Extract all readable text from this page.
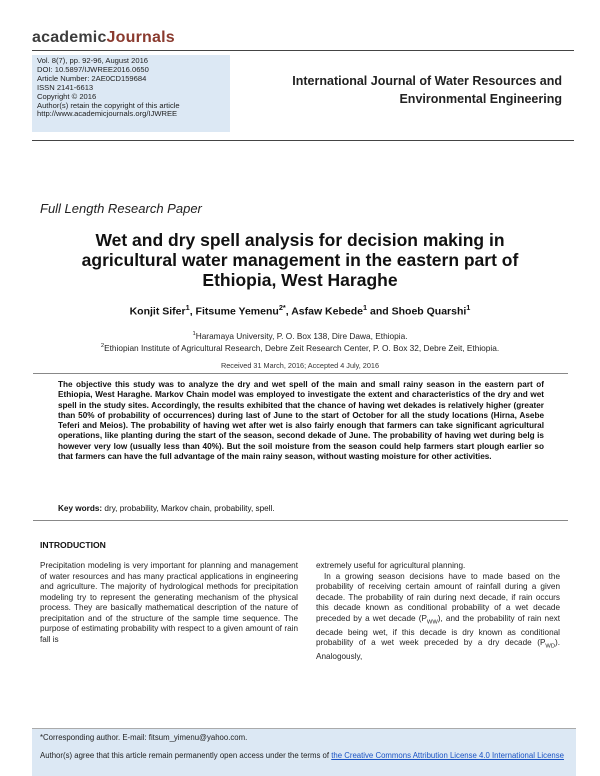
academicJournals
Vol. 8(7), pp. 92-96, August 2016
DOI: 10.5897/IJWREE2016.0650
Article Number: 2AE0CD159684
ISSN 2141-6613
Copyright © 2016
Author(s) retain the copyright of this article
http://www.academicjournals.org/IJWREE
International Journal of Water Resources and
Environmental Engineering
Full Length Research Paper
Wet and dry spell analysis for decision making in agricultural water management in the eastern part of Ethiopia, West Haraghe
Konjit Sifer$^1$, Fitsume Yemenu$^{2*}$, Asfaw Kebede$^1$ and Shoeb Quarshi$^1$
$^1$Haramaya University, P. O. Box 138, Dire Dawa, Ethiopia.
$^2$Ethiopian Institute of Agricultural Research, Debre Zeit Research Center, P. O. Box 32, Debre Zeit, Ethiopia.
Received 31 March, 2016; Accepted 4 July, 2016
The objective this study was to analyze the dry and wet spell of the main and small rainy season in the eastern part of Ethiopia, West Haraghe. Markov Chain model was employed to investigate the extent and characteristics of the dry and wet spell in the study sites. Accordingly, the results exhibited that the chance of having wet dekades is relatively higher (greater than 50% of probability of occurrences) during last of June to the start of October for all the study locations (Hirna, Asebe Teferi and Meios). The probability of having wet after wet is also fairly enough that farmers can take significant agricultural operations, like planting during the start of the season, second dekade of June. The probability of having wet during belg is however very low (usually less than 40%). But the soil moisture from the season could help farmers start plough earlier so that farmers can have the full advantage of the main rainy season, without wasting moisture for other activities.
Key words: dry, probability, Markov chain, probability, spell.
INTRODUCTION
Precipitation modeling is very important for planning and management of water resources and has many practical applications in engineering and agriculture. The majority of hydrological methods for precipitation modeling try to represent the generating mechanism of the physical process. They are basically mathematical description of the nature of precipitation and of the structure of the sample time sequence. The purpose of estimating probability with respect to a given amount of rain fall is
extremely useful for agricultural planning.
In a growing season decisions have to made based on the probability of receiving certain amount of rainfall during a given decade. The probability of rain during next decade, if rain occurs this decade known as conditional probability of a wet decade preceded by a wet decade $(P_{WW})$, and the probability of rain next decade being wet, if this decade is dry known as conditional probability of a wet week preceded by a dry decade $(P_{WD})$. Analogously,
*Corresponding author. E-mail: fitsum_yimenu@yahoo.com.
Author(s) agree that this article remain permanently open access under the terms of the Creative Commons Attribution License 4.0 International License
